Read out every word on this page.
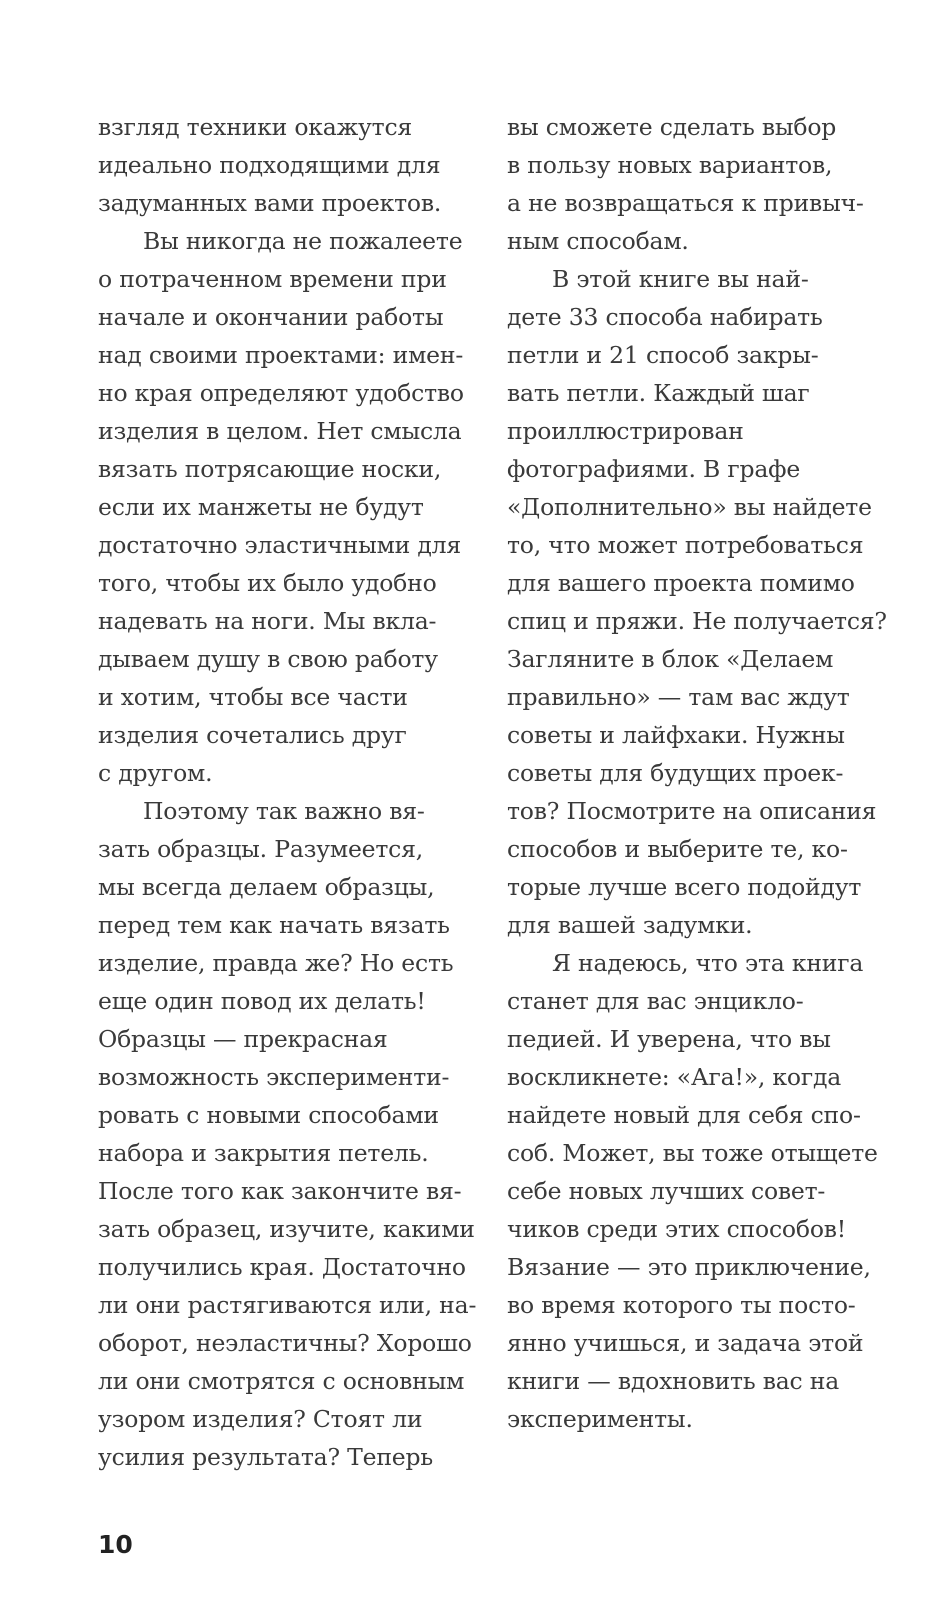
взгляд техники окажутся
идеально подходящими для
задуманных вами проектов.
Вы никогда не пожалеете
о потраченном времени при
начале и окончании работы
над своими проектами: имен-
но края определяют удобство
изделия в целом. Нет смысла
вязать потрясающие носки,
если их манжеты не будут
достаточно эластичными для
того, чтобы их было удобно
надевать на ноги. Мы вкла-
дываем душу в свою работу
и хотим, чтобы все части
изделия сочетались друг
с другом.
Поэтому так важно вя-
зать образцы. Разумеется,
мы всегда делаем образцы,
перед тем как начать вязать
изделие, правда же? Но есть
еще один повод их делать!
Образцы — прекрасная
возможность эксперименти-
ровать с новыми способами
набора и закрытия петель.
После того как закончите вя-
зать образец, изучите, какими
получились края. Достаточно
ли они растягиваются или, на-
оборот, неэластичны? Хорошо
ли они смотрятся с основным
узором изделия? Стоят ли
усилия результата? Теперь
вы сможете сделать выбор
в пользу новых вариантов,
а не возвращаться к привыч-
ным способам.
В этой книге вы най-
дете 33 способа набирать
петли и 21 способ закры-
вать петли. Каждый шаг
проиллюстрирован
фотографиями. В графе
«Дополнительно» вы найдете
то, что может потребоваться
для вашего проекта помимо
спиц и пряжи. Не получается?
Загляните в блок «Делаем
правильно» — там вас ждут
советы и лайфхаки. Нужны
советы для будущих проек-
тов? Посмотрите на описания
способов и выберите те, ко-
торые лучше всего подойдут
для вашей задумки.
Я надеюсь, что эта книга
станет для вас энцикло-
педией. И уверена, что вы
воскликнете: «Ага!», когда
найдете новый для себя спо-
соб. Может, вы тоже отыщете
себе новых лучших совет-
чиков среди этих способов!
Вязание — это приключение,
во время которого ты посто-
янно учишься, и задача этой
книги — вдохновить вас на
эксперименты.
10
